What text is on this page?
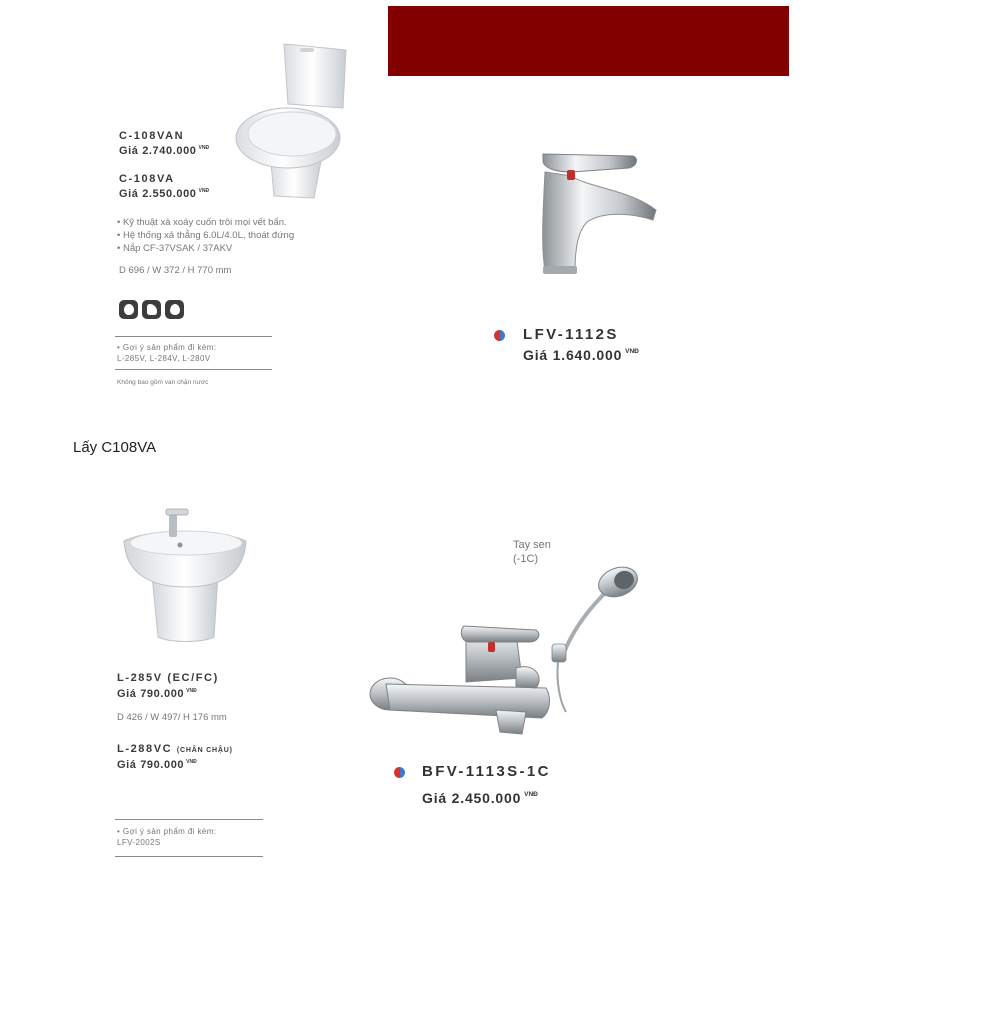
C-108VAN
Giá 2.740.000 $^{VNĐ}$
C-108VA
Giá 2.550.000 $^{VNĐ}$
• Kỹ thuật xả xoáy cuốn trôi mọi vết bẩn.
• Hệ thống xả thẳng 6.0L/4.0L, thoát đứng
• Nắp CF-37VSAK / 37AKV
D 696 / W 372 / H 770 mm
• Gợi ý sản phẩm đi kèm:
L-285V, L-284V, L-280V
Không bao gồm van chặn nước
LFV-1112S
Giá 1.640.000 $^{VNĐ}$
Lấy C108VA
L-285V (EC/FC)
Giá 790.000 $^{VNĐ}$
D 426 / W 497/ H 176 mm
L-288VC (CHÂN CHẬU)
Giá 790.000 $^{VNĐ}$
• Gợi ý sản phẩm đi kèm:
LFV-2002S
Tay sen
(-1C)
BFV-1113S-1C
Giá 2.450.000 $^{VNĐ}$
